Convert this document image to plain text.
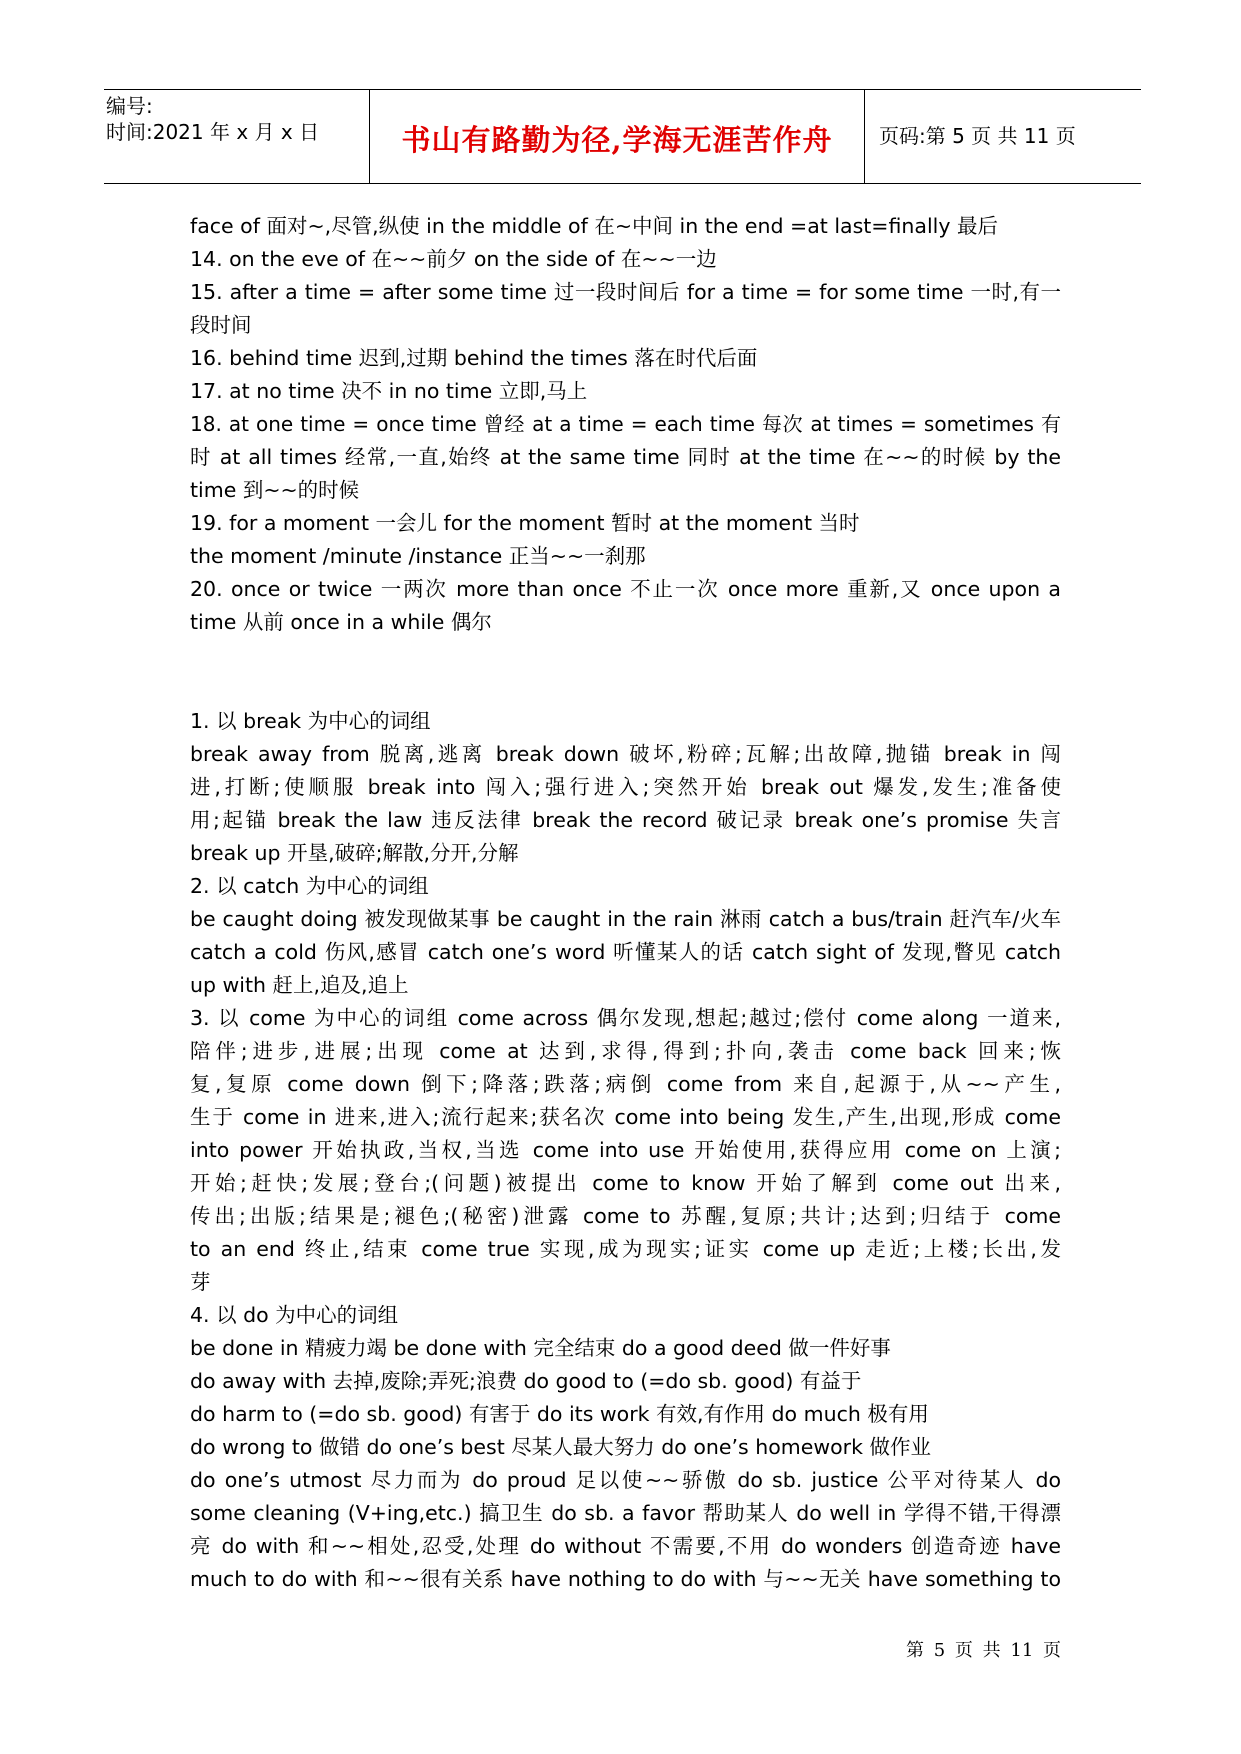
编号:
时间:2021 年 x 月 x 日	书山有路勤为径,学海无涯苦作舟	页码:第 5 页 共 11 页
face of 面对~,尽管,纵使 in the middle of 在~中间 in the end =at last=finally 最后
14. on the eve of 在~~前夕 on the side of 在~~一边
15. after a time = after some time 过一段时间后 for a time = for some time 一时,有一
段时间
16. behind time 迟到,过期 behind the times 落在时代后面
17. at no time 决不 in no time 立即,马上
18. at one time = once time 曾经 at a time = each time 每次 at times = sometimes 有
时 at all times 经常,一直,始终 at the same time 同时 at the time 在~~的时候 by the
time 到~~的时候
19. for a moment 一会儿 for the moment 暂时 at the moment 当时
the moment /minute /instance 正当~~一刹那
20. once or twice 一两次 more than once 不止一次 once more 重新,又 once upon a
time 从前 once in a while 偶尔
1. 以 break 为中心的词组
break away from 脱离,逃离 break down 破坏,粉碎;瓦解;出故障,抛锚 break in 闯
进,打断;使顺服 break into 闯入;强行进入;突然开始 break out 爆发,发生;准备使
用;起锚 break the law 违反法律 break the record 破记录 break one’s promise 失言
break up 开垦,破碎;解散,分开,分解
2. 以 catch 为中心的词组
be caught doing 被发现做某事 be caught in the rain 淋雨 catch a bus/train 赶汽车/火车
catch a cold 伤风,感冒 catch one’s word 听懂某人的话 catch sight of 发现,瞥见 catch
up with 赶上,追及,追上
3. 以 come 为中心的词组 come across 偶尔发现,想起;越过;偿付 come along 一道来,
陪伴;进步,进展;出现 come at 达到,求得,得到;扑向,袭击 come back 回来;恢
复,复原 come down 倒下;降落;跌落;病倒 come from 来自,起源于,从~~产生,
生于 come in 进来,进入;流行起来;获名次 come into being 发生,产生,出现,形成 come
into power 开始执政,当权,当选 come into use 开始使用,获得应用 come on 上演;
开始;赶快;发展;登台;(问题)被提出 come to know 开始了解到 come out 出来,
传出;出版;结果是;褪色;(秘密)泄露 come to 苏醒,复原;共计;达到;归结于 come
to an end 终止,结束 come true 实现,成为现实;证实 come up 走近;上楼;长出,发
芽
4. 以 do 为中心的词组
be done in 精疲力竭 be done with 完全结束 do a good deed 做一件好事
do away with 去掉,废除;弄死;浪费 do good to (=do sb. good) 有益于
do harm to (=do sb. good) 有害于 do its work 有效,有作用 do much 极有用
do wrong to 做错 do one’s best 尽某人最大努力 do one’s homework 做作业
do one’s utmost 尽力而为 do proud 足以使~~骄傲 do sb. justice 公平对待某人 do
some cleaning (V+ing,etc.) 搞卫生 do sb. a favor 帮助某人 do well in 学得不错,干得漂
亮 do with 和~~相处,忍受,处理 do without 不需要,不用 do wonders 创造奇迹 have
much to do with 和~~很有关系 have nothing to do with 与~~无关 have something to
第 5 页 共 11 页
